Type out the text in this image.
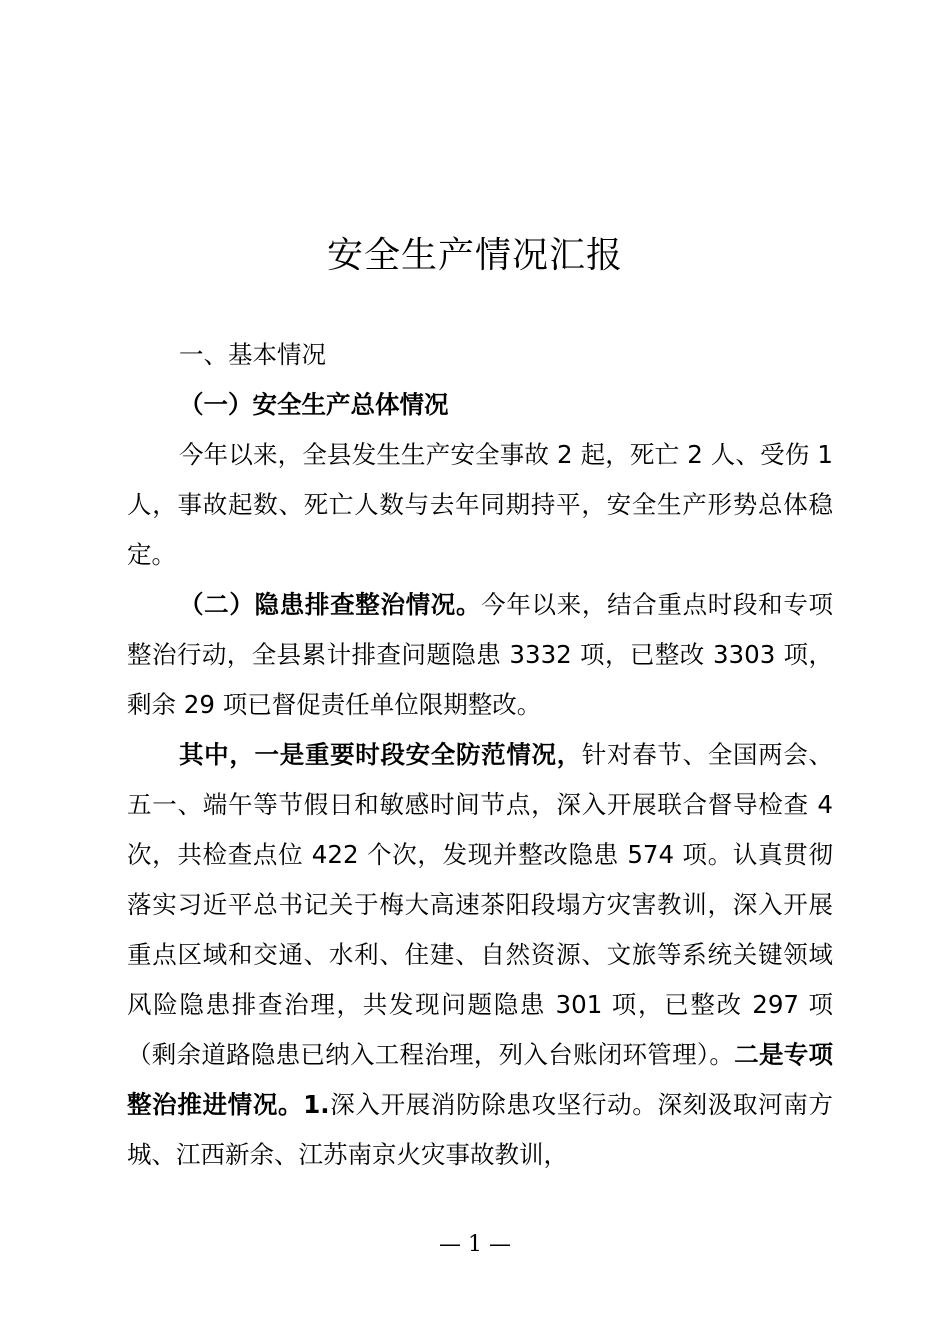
安全生产情况汇报

一、基本情况

（一）安全生产总体情况

今年以来，全县发生生产安全事故 2 起，死亡 2 人、受伤 1 人，事故起数、死亡人数与去年同期持平，安全生产形势总体稳定。

（二）隐患排查整治情况。今年以来，结合重点时段和专项整治行动，全县累计排查问题隐患 3332 项，已整改 3303 项，剩余 29 项已督促责任单位限期整改。

其中，一是重要时段安全防范情况，针对春节、全国两会、五一、端午等节假日和敏感时间节点，深入开展联合督导检查 4 次，共检查点位 422 个次，发现并整改隐患 574 项。认真贯彻落实习近平总书记关于梅大高速茶阳段塌方灾害教训，深入开展重点区域和交通、水利、住建、自然资源、文旅等系统关键领域风险隐患排查治理，共发现问题隐患 301 项，已整改 297 项（剩余道路隐患已纳入工程治理，列入台账闭环管理）。二是专项整治推进情况。1.深入开展消防除患攻坚行动。深刻汲取河南方城、江西新余、江苏南京火灾事故教训，

— 1 —
